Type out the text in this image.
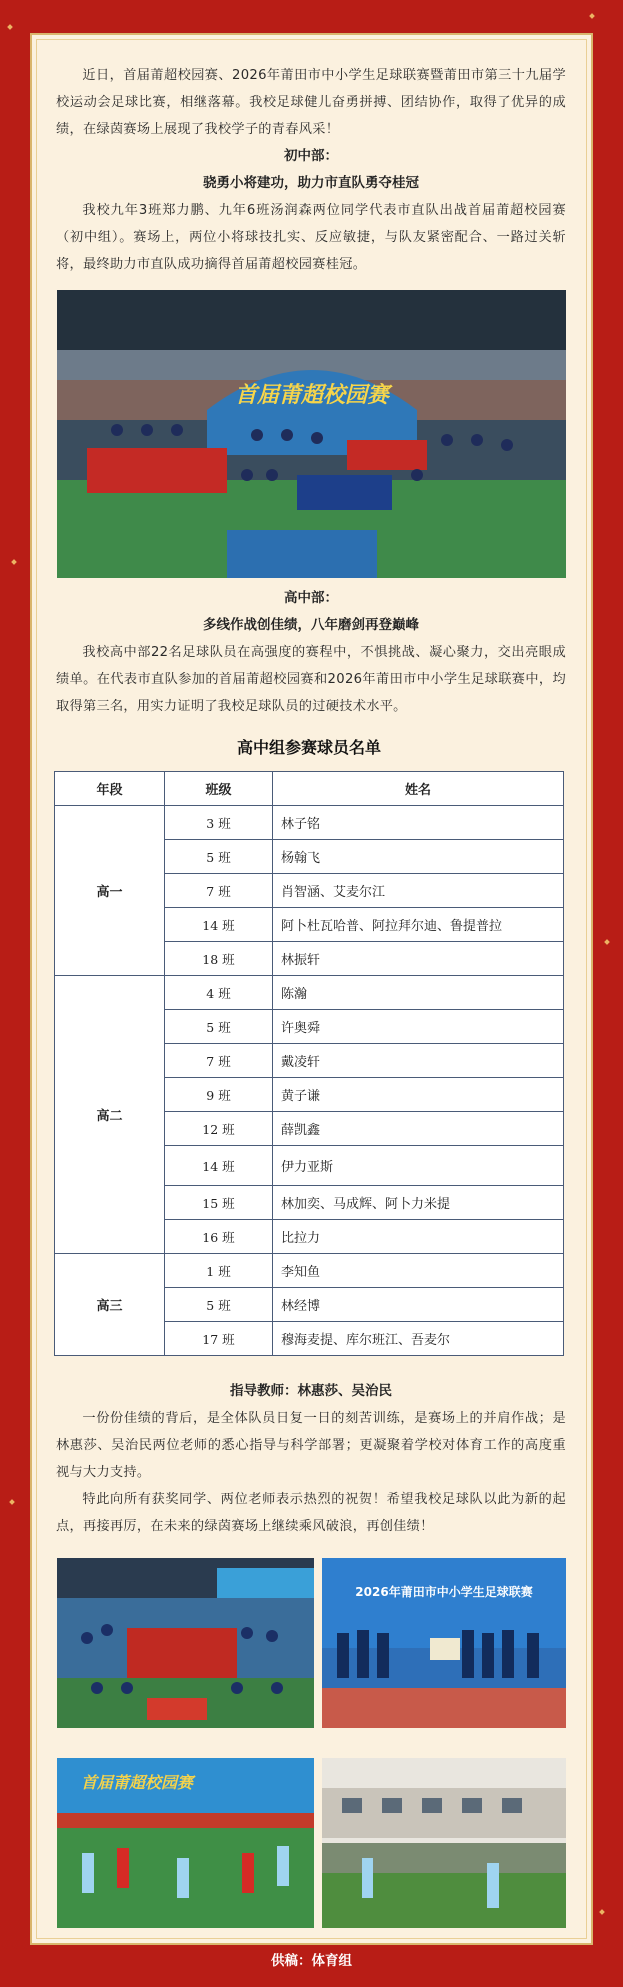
近日，首届莆超校园赛、2026年莆田市中小学生足球联赛暨莆田市第三十九届学校运动会足球比赛，相继落幕。我校足球健儿奋勇拼搏、团结协作，取得了优异的成绩，在绿茵赛场上展现了我校学子的青春风采！

初中部：
骁勇小将建功，助力市直队勇夺桂冠

我校九年3班郑力鹏、九年6班汤润森两位同学代表市直队出战首届莆超校园赛（初中组）。赛场上，两位小将球技扎实、反应敏捷，与队友紧密配合、一路过关斩将，最终助力市直队成功摘得首届莆超校园赛桂冠。

首届莆超校园赛
高中部：
多线作战创佳绩，八年磨剑再登巅峰

我校高中部22名足球队员在高强度的赛程中，不惧挑战、凝心聚力，交出亮眼成绩单。在代表市直队参加的首届莆超校园赛和2026年莆田市中小学生足球联赛中，均取得第三名，用实力证明了我校足球队员的过硬技术水平。

高中组参赛球员名单
年段	班级	姓名
高一	3 班	林子铭
	5 班	杨翰飞
	7 班	肖智涵、艾麦尔江
	14 班	阿卜杜瓦哈普、阿拉拜尔迪、鲁提普拉
	18 班	林振轩
高二	4 班	陈瀚
	5 班	许奥舜
	7 班	戴凌轩
	9 班	黄子谦
	12 班	薛凯鑫
	14 班	伊力亚斯
	15 班	林加奕、马成辉、阿卜力米提
	16 班	比拉力
高三	1 班	李知鱼
	5 班	林经博
	17 班	穆海麦提、库尔班江、吾麦尔
指导教师：林惠莎、吴治民

一份份佳绩的背后，是全体队员日复一日的刻苦训练，是赛场上的并肩作战；是林惠莎、吴治民两位老师的悉心指导与科学部署；更凝聚着学校对体育工作的高度重视与大力支持。

特此向所有获奖同学、两位老师表示热烈的祝贺！希望我校足球队以此为新的起点，再接再厉，在未来的绿茵赛场上继续乘风破浪，再创佳绩！

2026年莆田市中小学生足球联赛
首届莆超校园赛
供稿：体育组
